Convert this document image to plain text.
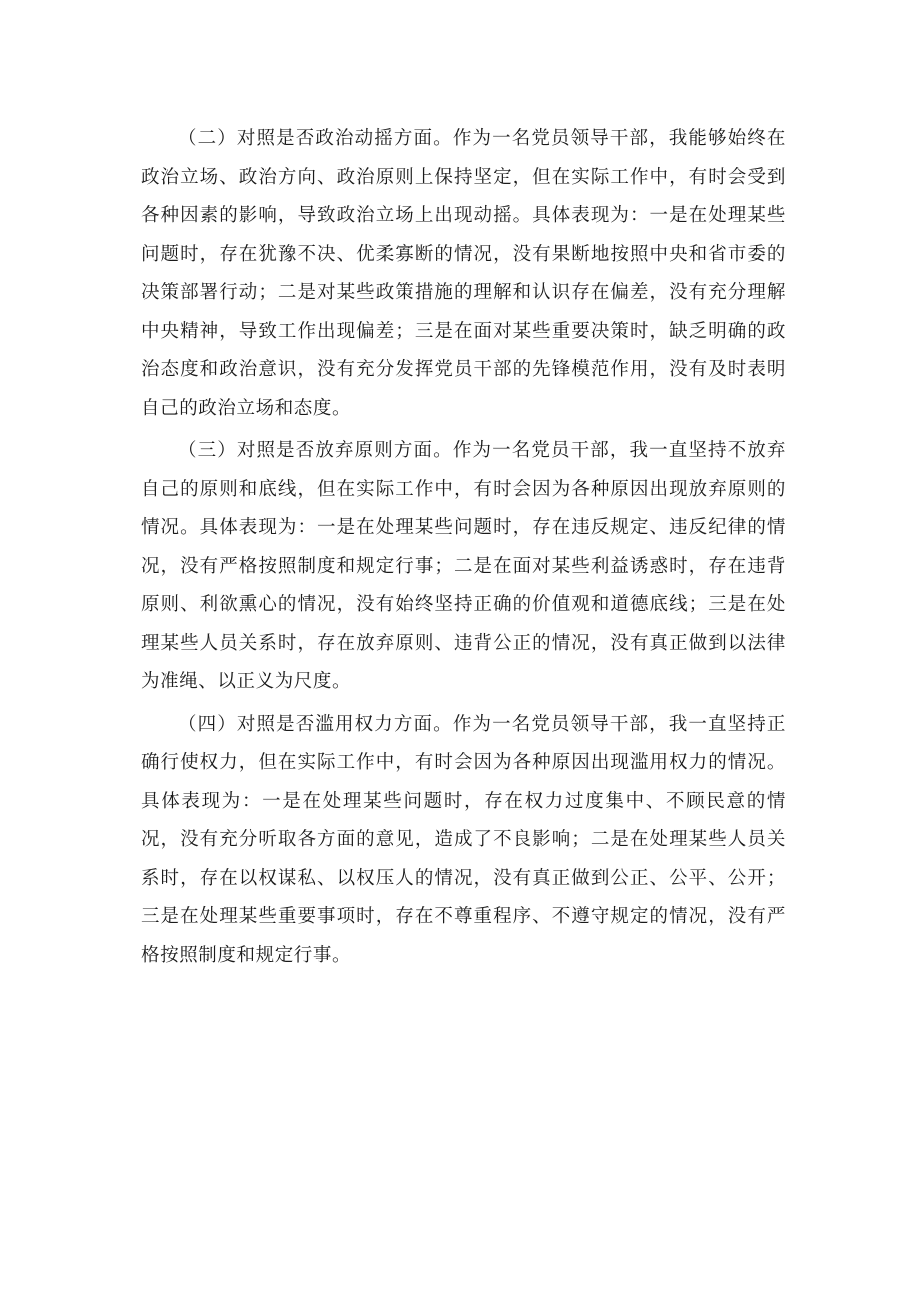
（二）对照是否政治动摇方面。作为一名党员领导干部，我能够始终在政治立场、政治方向、政治原则上保持坚定，但在实际工作中，有时会受到各种因素的影响，导致政治立场上出现动摇。具体表现为：一是在处理某些问题时，存在犹豫不决、优柔寡断的情况，没有果断地按照中央和省市委的决策部署行动；二是对某些政策措施的理解和认识存在偏差，没有充分理解中央精神，导致工作出现偏差；三是在面对某些重要决策时，缺乏明确的政治态度和政治意识，没有充分发挥党员干部的先锋模范作用，没有及时表明自己的政治立场和态度。

（三）对照是否放弃原则方面。作为一名党员干部，我一直坚持不放弃自己的原则和底线，但在实际工作中，有时会因为各种原因出现放弃原则的情况。具体表现为：一是在处理某些问题时，存在违反规定、违反纪律的情况，没有严格按照制度和规定行事；二是在面对某些利益诱惑时，存在违背原则、利欲熏心的情况，没有始终坚持正确的价值观和道德底线；三是在处理某些人员关系时，存在放弃原则、违背公正的情况，没有真正做到以法律为准绳、以正义为尺度。

（四）对照是否滥用权力方面。作为一名党员领导干部，我一直坚持正确行使权力，但在实际工作中，有时会因为各种原因出现滥用权力的情况。具体表现为：一是在处理某些问题时，存在权力过度集中、不顾民意的情况，没有充分听取各方面的意见，造成了不良影响；二是在处理某些人员关系时，存在以权谋私、以权压人的情况，没有真正做到公正、公平、公开；三是在处理某些重要事项时，存在不尊重程序、不遵守规定的情况，没有严格按照制度和规定行事。
